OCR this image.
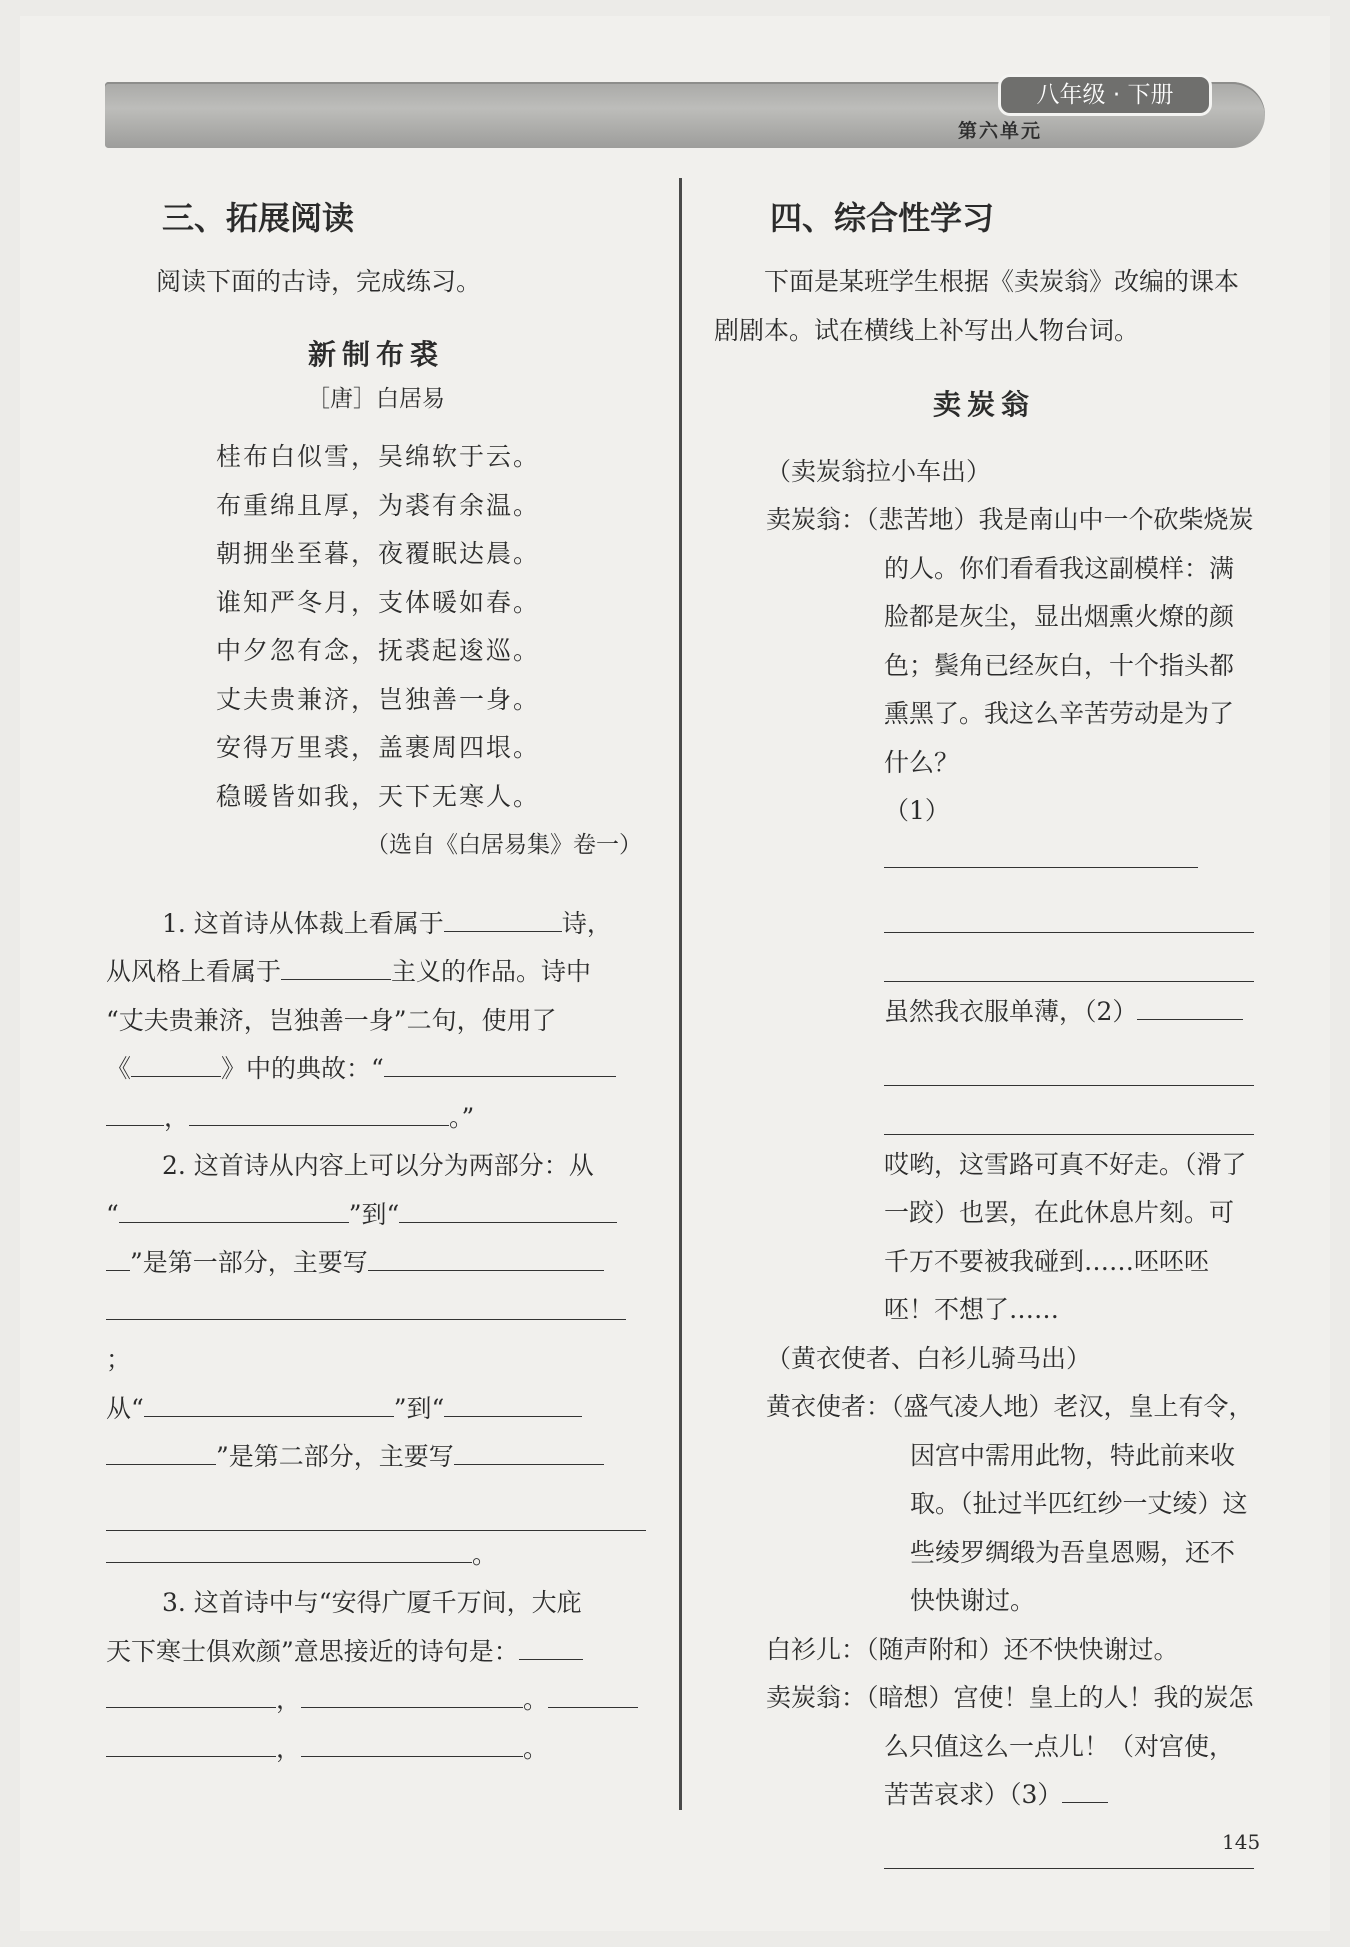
八年级 · 下册
第六单元
三、拓展阅读

阅读下面的古诗，完成练习。

新制布裘
［唐］白居易
桂布白似雪，吴绵软于云。
布重绵且厚，为裘有余温。
朝拥坐至暮，夜覆眠达晨。
谁知严冬月，支体暖如春。
中夕忽有念，抚裘起逡巡。
丈夫贵兼济，岂独善一身。
安得万里裘，盖裹周四垠。
稳暖皆如我，天下无寒人。
（选自《白居易集》卷一）
1. 这首诗从体裁上看属于	诗，
从风格上看属于	主义的作品。诗中
“丈夫贵兼济，岂独善一身”二句，使用了
《	》中的典故：“
，	。”
2. 这首诗从内容上可以分为两部分：从
“	”到“
”是第一部分，主要写
；
从“	”到“
”是第二部分，主要写
。
3. 这首诗中与“安得广厦千万间，大庇
天下寒士俱欢颜”意思接近的诗句是：
，	。
，	。
四、综合性学习

下面是某班学生根据《卖炭翁》改编的课本剧剧本。试在横线上补写出人物台词。

卖炭翁
（卖炭翁拉小车出）
卖炭翁：（悲苦地）我是南山中一个砍柴烧炭的人。你们看看我这副模样：满脸都是灰尘，显出烟熏火燎的颜色；鬓角已经灰白，十个指头都熏黑了。我这么辛苦劳动是为了什么？
（1）
虽然我衣服单薄，（2）
哎哟，这雪路可真不好走。（滑了一跤）也罢，在此休息片刻。可千万不要被我碰到……呸呸呸呸！不想了……
（黄衣使者、白衫儿骑马出）
黄衣使者：（盛气凌人地）老汉，皇上有令，因宫中需用此物，特此前来收取。（扯过半匹红纱一丈绫）这些绫罗绸缎为吾皇恩赐，还不快快谢过。
白衫儿：（随声附和）还不快快谢过。
卖炭翁：（暗想）宫使！皇上的人！我的炭怎么只值这么一点儿！（对宫使，苦苦哀求）（3）
145
